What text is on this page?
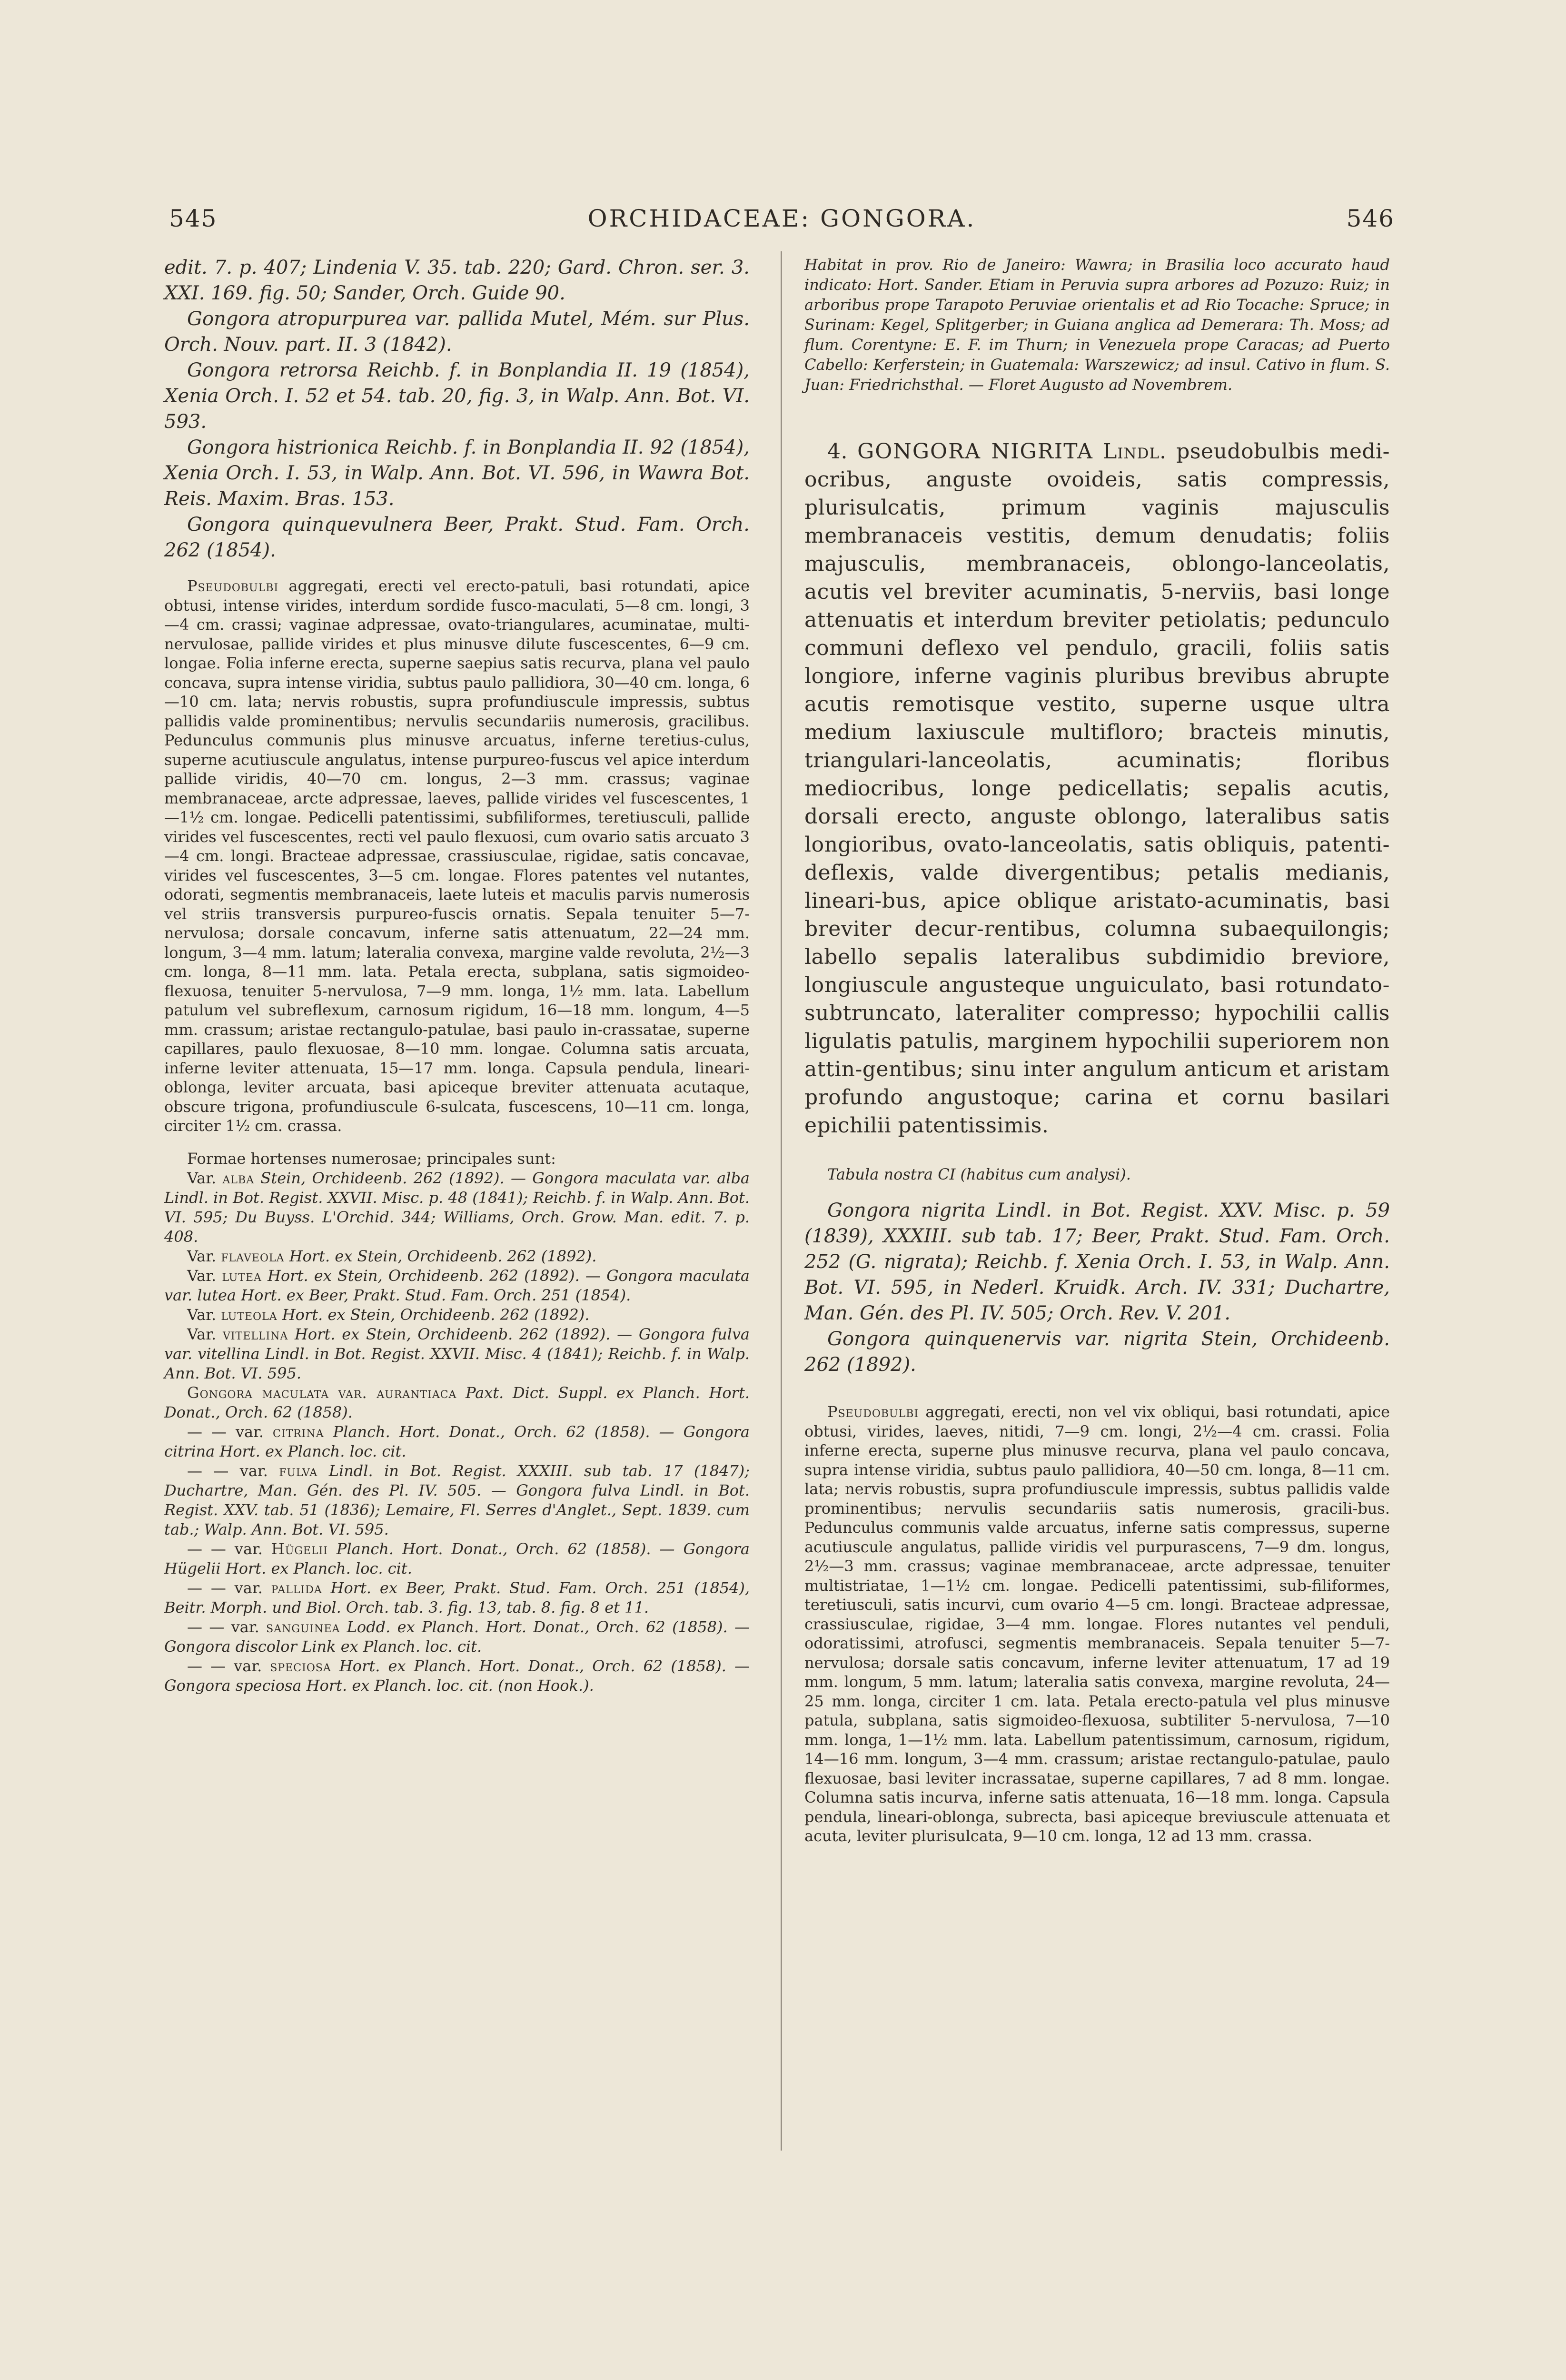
545	ORCHIDACEAE: GONGORA.	546

edit. 7. p. 407; Lindenia V. 35. tab. 220; Gard. Chron. ser. 3. XXI. 169. fig. 50; Sander, Orch. Guide 90.

Gongora atropurpurea var. pallida Mutel, Mém. sur Plus. Orch. Nouv. part. II. 3 (1842).

Gongora retrorsa Reichb. f. in Bonplandia II. 19 (1854), Xenia Orch. I. 52 et 54. tab. 20, fig. 3, in Walp. Ann. Bot. VI. 593.

Gongora histrionica Reichb. f. in Bonplandia II. 92 (1854), Xenia Orch. I. 53, in Walp. Ann. Bot. VI. 596, in Wawra Bot. Reis. Maxim. Bras. 153.

Gongora quinquevulnera Beer, Prakt. Stud. Fam. Orch. 262 (1854).

Pseudobulbi aggregati, erecti vel erecto-patuli, basi rotundati, apice obtusi, intense virides, interdum sordide fusco-maculati, 5—8 cm. longi, 3—4 cm. crassi; vaginae adpressae, ovato-triangulares, acuminatae, multi-nervulosae, pallide virides et plus minusve dilute fuscescentes, 6—9 cm. longae. Folia inferne erecta, superne saepius satis recurva, plana vel paulo concava, supra intense viridia, subtus paulo pallidiora, 30—40 cm. longa, 6—10 cm. lata; nervis robustis, supra profundiuscule impressis, subtus pallidis valde prominentibus; nervulis secundariis numerosis, gracilibus. Pedunculus communis plus minusve arcuatus, inferne teretius-culus, superne acutiuscule angulatus, intense purpureo-fuscus vel apice interdum pallide viridis, 40—70 cm. longus, 2—3 mm. crassus; vaginae membranaceae, arcte adpressae, laeves, pallide virides vel fuscescentes, 1—1½ cm. longae. Pedicelli patentissimi, subfiliformes, teretiusculi, pallide virides vel fuscescentes, recti vel paulo flexuosi, cum ovario satis arcuato 3—4 cm. longi. Bracteae adpressae, crassiusculae, rigidae, satis concavae, virides vel fuscescentes, 3—5 cm. longae. Flores patentes vel nutantes, odorati, segmentis membranaceis, laete luteis et maculis parvis numerosis vel striis transversis purpureo-fuscis ornatis. Sepala tenuiter 5—7-nervulosa; dorsale concavum, inferne satis attenuatum, 22—24 mm. longum, 3—4 mm. latum; lateralia convexa, margine valde revoluta, 2½—3 cm. longa, 8—11 mm. lata. Petala erecta, subplana, satis sigmoideo-flexuosa, tenuiter 5-nervulosa, 7—9 mm. longa, 1½ mm. lata. Labellum patulum vel subreflexum, carnosum rigidum, 16—18 mm. longum, 4—5 mm. crassum; aristae rectangulo-patulae, basi paulo in-crassatae, superne capillares, paulo flexuosae, 8—10 mm. longae. Columna satis arcuata, inferne leviter attenuata, 15—17 mm. longa. Capsula pendula, lineari-oblonga, leviter arcuata, basi apiceque breviter attenuata acutaque, obscure trigona, profundiuscule 6-sulcata, fuscescens, 10—11 cm. longa, circiter 1½ cm. crassa.

Formae hortenses numerosae; principales sunt:

Var. alba Stein, Orchideenb. 262 (1892). — Gongora maculata var. alba Lindl. in Bot. Regist. XXVII. Misc. p. 48 (1841); Reichb. f. in Walp. Ann. Bot. VI. 595; Du Buyss. L'Orchid. 344; Williams, Orch. Grow. Man. edit. 7. p. 408.

Var. flaveola Hort. ex Stein, Orchideenb. 262 (1892).

Var. lutea Hort. ex Stein, Orchideenb. 262 (1892). — Gongora maculata var. lutea Hort. ex Beer, Prakt. Stud. Fam. Orch. 251 (1854).

Var. luteola Hort. ex Stein, Orchideenb. 262 (1892).

Var. vitellina Hort. ex Stein, Orchideenb. 262 (1892). — Gongora fulva var. vitellina Lindl. in Bot. Regist. XXVII. Misc. 4 (1841); Reichb. f. in Walp. Ann. Bot. VI. 595.

Gongora maculata var. aurantiaca Paxt. Dict. Suppl. ex Planch. Hort. Donat., Orch. 62 (1858).

— — var. citrina Planch. Hort. Donat., Orch. 62 (1858). — Gongora citrina Hort. ex Planch. loc. cit.

— — var. fulva Lindl. in Bot. Regist. XXXIII. sub tab. 17 (1847); Duchartre, Man. Gén. des Pl. IV. 505. — Gongora fulva Lindl. in Bot. Regist. XXV. tab. 51 (1836); Lemaire, Fl. Serres d'Anglet., Sept. 1839. cum tab.; Walp. Ann. Bot. VI. 595.

— — var. Hügelii Planch. Hort. Donat., Orch. 62 (1858). — Gongora Hügelii Hort. ex Planch. loc. cit.

— — var. pallida Hort. ex Beer, Prakt. Stud. Fam. Orch. 251 (1854), Beitr. Morph. und Biol. Orch. tab. 3. fig. 13, tab. 8. fig. 8 et 11.

— — var. sanguinea Lodd. ex Planch. Hort. Donat., Orch. 62 (1858). — Gongora discolor Link ex Planch. loc. cit.

— — var. speciosa Hort. ex Planch. Hort. Donat., Orch. 62 (1858). — Gongora speciosa Hort. ex Planch. loc. cit. (non Hook.).

Habitat in prov. Rio de Janeiro: Wawra; in Brasilia loco accurato haud indicato: Hort. Sander. Etiam in Peruvia supra arbores ad Pozuzo: Ruiz; in arboribus prope Tarapoto Peruviae orientalis et ad Rio Tocache: Spruce; in Surinam: Kegel, Splitgerber; in Guiana anglica ad Demerara: Th. Moss; ad flum. Corentyne: E. F. im Thurn; in Venezuela prope Caracas; ad Puerto Cabello: Kerferstein; in Guatemala: Warszewicz; ad insul. Cativo in flum. S. Juan: Friedrichsthal. — Floret Augusto ad Novembrem.

4. GONGORA NIGRITA Lindl. pseudobulbis medi-ocribus, anguste ovoideis, satis compressis, plurisulcatis, primum vaginis majusculis membranaceis vestitis, demum denudatis; foliis majusculis, membranaceis, oblongo-lanceolatis, acutis vel breviter acuminatis, 5-nerviis, basi longe attenuatis et interdum breviter petiolatis; pedunculo communi deflexo vel pendulo, gracili, foliis satis longiore, inferne vaginis pluribus brevibus abrupte acutis remotisque vestito, superne usque ultra medium laxiuscule multifloro; bracteis minutis, triangulari-lanceolatis, acuminatis; floribus mediocribus, longe pedicellatis; sepalis acutis, dorsali erecto, anguste oblongo, lateralibus satis longioribus, ovato-lanceolatis, satis obliquis, patenti-deflexis, valde divergentibus; petalis medianis, lineari-bus, apice oblique aristato-acuminatis, basi breviter decur-rentibus, columna subaequilongis; labello sepalis lateralibus subdimidio breviore, longiuscule angusteque unguiculato, basi rotundato-subtruncato, lateraliter compresso; hypochilii callis ligulatis patulis, marginem hypochilii superiorem non attin-gentibus; sinu inter angulum anticum et aristam profundo angustoque; carina et cornu basilari epichilii patentissimis.

Tabula nostra CI (habitus cum analysi).

Gongora nigrita Lindl. in Bot. Regist. XXV. Misc. p. 59 (1839), XXXIII. sub tab. 17; Beer, Prakt. Stud. Fam. Orch. 252 (G. nigrata); Reichb. f. Xenia Orch. I. 53, in Walp. Ann. Bot. VI. 595, in Nederl. Kruidk. Arch. IV. 331; Duchartre, Man. Gén. des Pl. IV. 505; Orch. Rev. V. 201.

Gongora quinquenervis var. nigrita Stein, Orchideenb. 262 (1892).

Pseudobulbi aggregati, erecti, non vel vix obliqui, basi rotundati, apice obtusi, virides, laeves, nitidi, 7—9 cm. longi, 2½—4 cm. crassi. Folia inferne erecta, superne plus minusve recurva, plana vel paulo concava, supra intense viridia, subtus paulo pallidiora, 40—50 cm. longa, 8—11 cm. lata; nervis robustis, supra profundiuscule impressis, subtus pallidis valde prominentibus; nervulis secundariis satis numerosis, gracili-bus. Pedunculus communis valde arcuatus, inferne satis compressus, superne acutiuscule angulatus, pallide viridis vel purpurascens, 7—9 dm. longus, 2½—3 mm. crassus; vaginae membranaceae, arcte adpressae, tenuiter multistriatae, 1—1½ cm. longae. Pedicelli patentissimi, sub-filiformes, teretiusculi, satis incurvi, cum ovario 4—5 cm. longi. Bracteae adpressae, crassiusculae, rigidae, 3—4 mm. longae. Flores nutantes vel penduli, odoratissimi, atrofusci, segmentis membranaceis. Sepala tenuiter 5—7-nervulosa; dorsale satis concavum, inferne leviter attenuatum, 17 ad 19 mm. longum, 5 mm. latum; lateralia satis convexa, margine revoluta, 24—25 mm. longa, circiter 1 cm. lata. Petala erecto-patula vel plus minusve patula, subplana, satis sigmoideo-flexuosa, subtiliter 5-nervulosa, 7—10 mm. longa, 1—1½ mm. lata. Labellum patentissimum, carnosum, rigidum, 14—16 mm. longum, 3—4 mm. crassum; aristae rectangulo-patulae, paulo flexuosae, basi leviter incrassatae, superne capillares, 7 ad 8 mm. longae. Columna satis incurva, inferne satis attenuata, 16—18 mm. longa. Capsula pendula, lineari-oblonga, subrecta, basi apiceque breviuscule attenuata et acuta, leviter plurisulcata, 9—10 cm. longa, 12 ad 13 mm. crassa.
